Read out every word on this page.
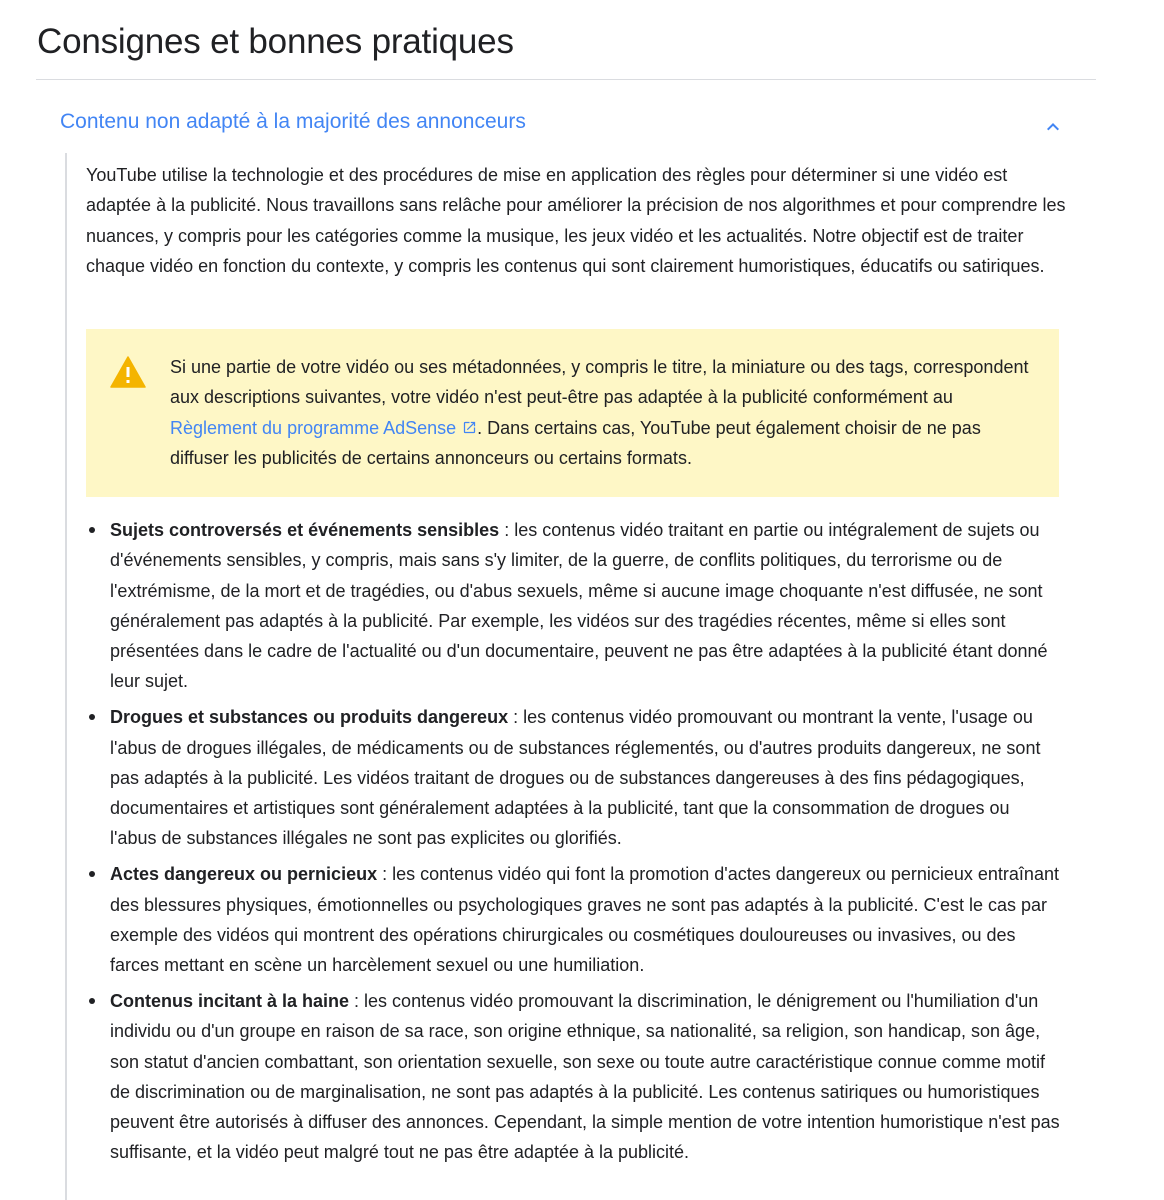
Consignes et bonnes pratiques
Contenu non adapté à la majorité des annonceurs

YouTube utilise la technologie et des procédures de mise en application des règles pour déterminer si une vidéo est adaptée à la publicité. Nous travaillons sans relâche pour améliorer la précision de nos algorithmes et pour comprendre les nuances, y compris pour les catégories comme la musique, les jeux vidéo et les actualités. Notre objectif est de traiter chaque vidéo en fonction du contexte, y compris les contenus qui sont clairement humoristiques, éducatifs ou satiriques.

Si une partie de votre vidéo ou ses métadonnées, y compris le titre, la miniature ou des tags, correspondent aux descriptions suivantes, votre vidéo n'est peut-être pas adaptée à la publicité conformément au Règlement du programme AdSense . Dans certains cas, YouTube peut également choisir de ne pas diffuser les publicités de certains annonceurs ou certains formats.

Sujets controversés et événements sensibles : les contenus vidéo traitant en partie ou intégralement de sujets ou d'événements sensibles, y compris, mais sans s'y limiter, de la guerre, de conflits politiques, du terrorisme ou de l'extrémisme, de la mort et de tragédies, ou d'abus sexuels, même si aucune image choquante n'est diffusée, ne sont généralement pas adaptés à la publicité. Par exemple, les vidéos sur des tragédies récentes, même si elles sont présentées dans le cadre de l'actualité ou d'un documentaire, peuvent ne pas être adaptées à la publicité étant donné leur sujet.
Drogues et substances ou produits dangereux : les contenus vidéo promouvant ou montrant la vente, l'usage ou l'abus de drogues illégales, de médicaments ou de substances réglementés, ou d'autres produits dangereux, ne sont pas adaptés à la publicité. Les vidéos traitant de drogues ou de substances dangereuses à des fins pédagogiques, documentaires et artistiques sont généralement adaptées à la publicité, tant que la consommation de drogues ou l'abus de substances illégales ne sont pas explicites ou glorifiés.
Actes dangereux ou pernicieux : les contenus vidéo qui font la promotion d'actes dangereux ou pernicieux entraînant des blessures physiques, émotionnelles ou psychologiques graves ne sont pas adaptés à la publicité. C'est le cas par exemple des vidéos qui montrent des opérations chirurgicales ou cosmétiques douloureuses ou invasives, ou des farces mettant en scène un harcèlement sexuel ou une humiliation.
Contenus incitant à la haine : les contenus vidéo promouvant la discrimination, le dénigrement ou l'humiliation d'un individu ou d'un groupe en raison de sa race, son origine ethnique, sa nationalité, sa religion, son handicap, son âge, son statut d'ancien combattant, son orientation sexuelle, son sexe ou toute autre caractéristique connue comme motif de discrimination ou de marginalisation, ne sont pas adaptés à la publicité. Les contenus satiriques ou humoristiques peuvent être autorisés à diffuser des annonces. Cependant, la simple mention de votre intention humoristique n'est pas suffisante, et la vidéo peut malgré tout ne pas être adaptée à la publicité.
